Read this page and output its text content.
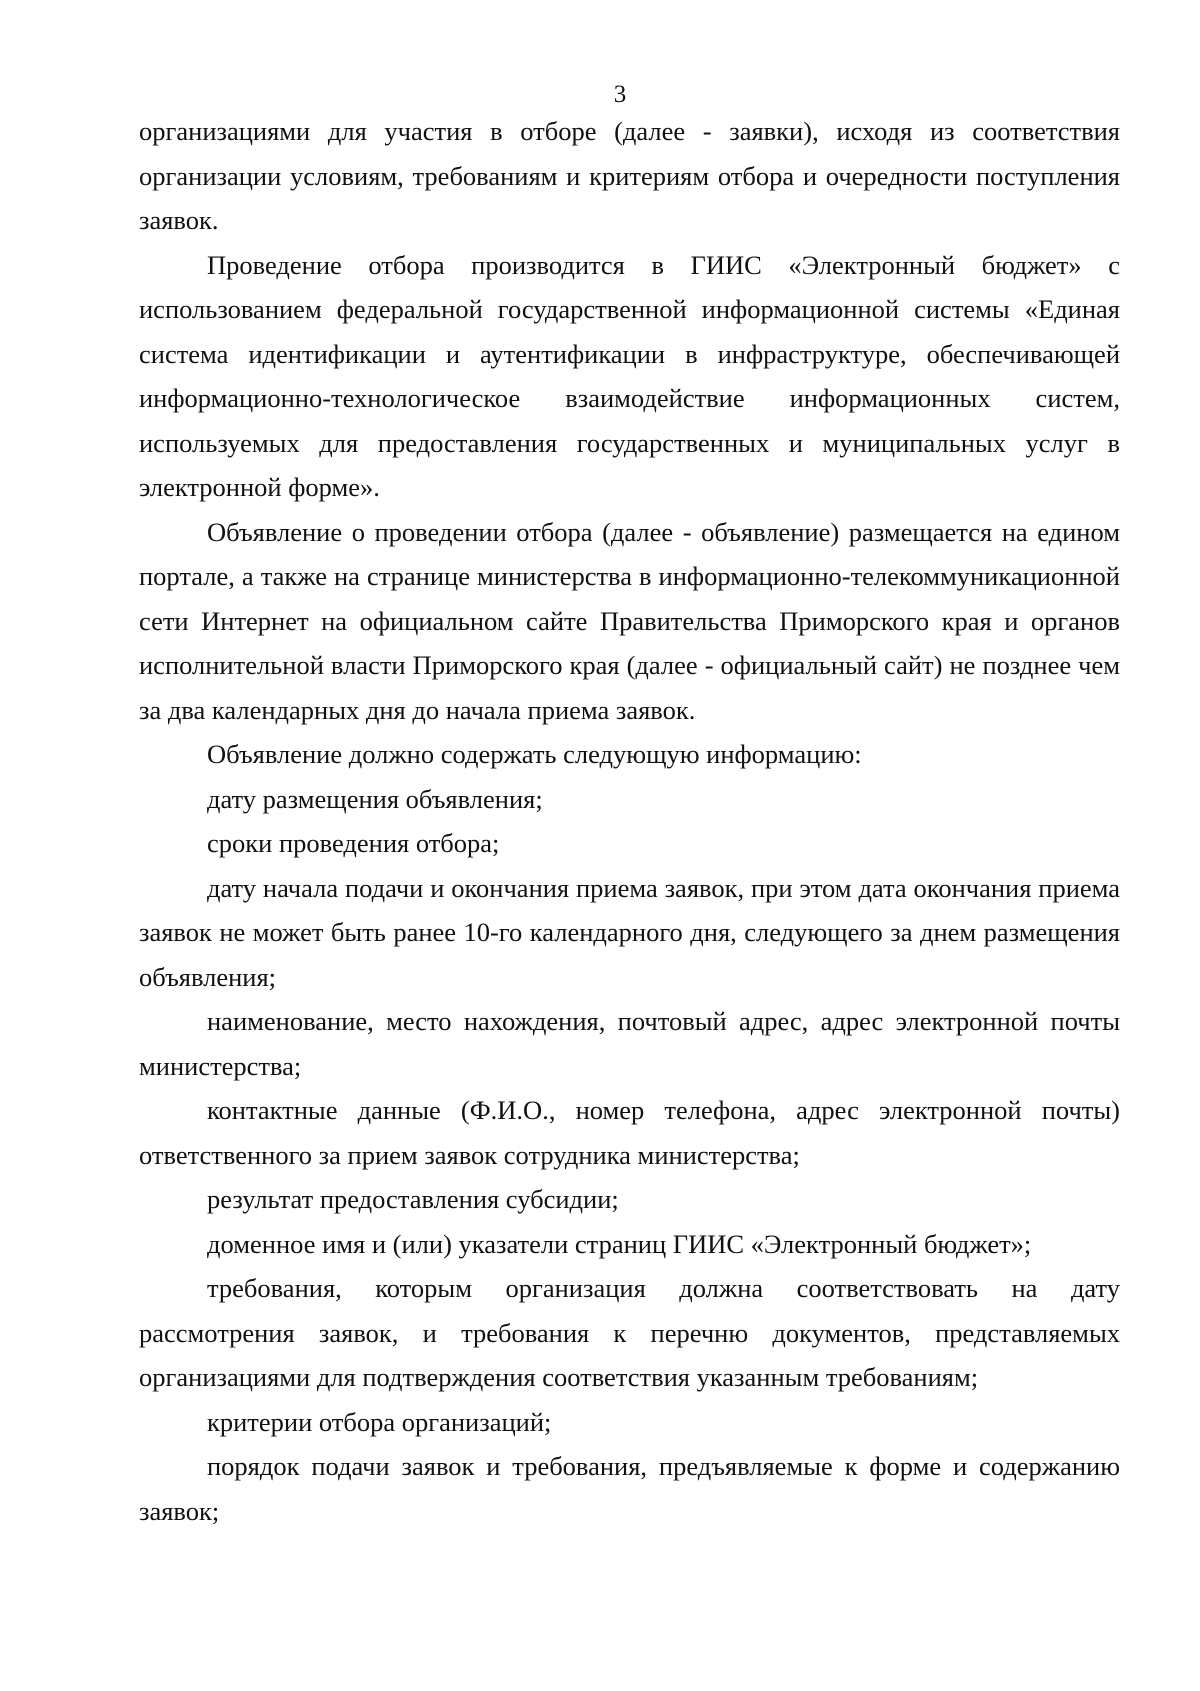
3

организациями для участия в отборе (далее - заявки), исходя из соответствия организации условиям, требованиям и критериям отбора и очередности поступления заявок.

Проведение отбора производится в ГИИС «Электронный бюджет» с использованием федеральной государственной информационной системы «Единая система идентификации и аутентификации в инфраструктуре, обеспечивающей информационно-технологическое взаимодействие информационных систем, используемых для предоставления государственных и муниципальных услуг в электронной форме».

Объявление о проведении отбора (далее - объявление) размещается на едином портале, а также на странице министерства в информационно-телекоммуникационной сети Интернет на официальном сайте Правительства Приморского края и органов исполнительной власти Приморского края (далее - официальный сайт) не позднее чем за два календарных дня до начала приема заявок.

Объявление должно содержать следующую информацию:

дату размещения объявления;

сроки проведения отбора;

дату начала подачи и окончания приема заявок, при этом дата окончания приема заявок не может быть ранее 10-го календарного дня, следующего за днем размещения объявления;

наименование, место нахождения, почтовый адрес, адрес электронной почты министерства;

контактные данные (Ф.И.О., номер телефона, адрес электронной почты) ответственного за прием заявок сотрудника министерства;

результат предоставления субсидии;

доменное имя и (или) указатели страниц ГИИС «Электронный бюджет»;

требования, которым организация должна соответствовать на дату рассмотрения заявок, и требования к перечню документов, представляемых организациями для подтверждения соответствия указанным требованиям;

критерии отбора организаций;

порядок подачи заявок и требования, предъявляемые к форме и содержанию заявок;
